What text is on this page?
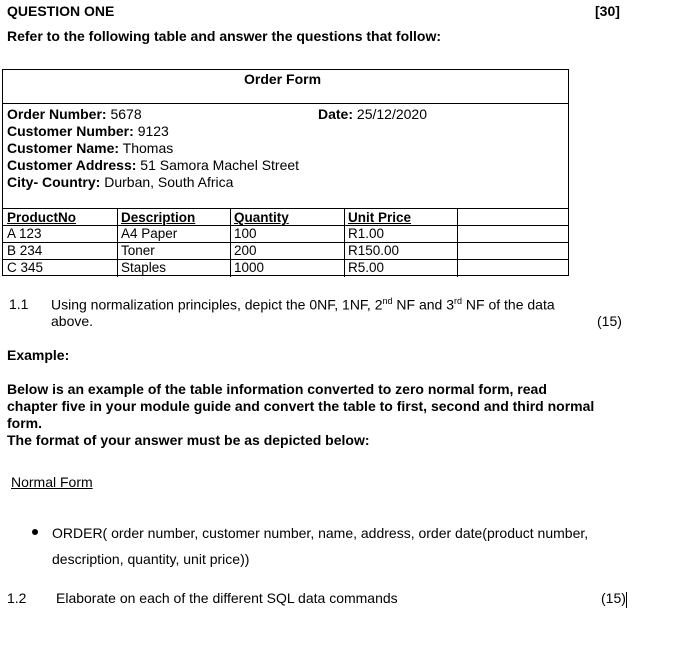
QUESTION ONE	[30]
Refer to the following table and answer the questions that follow:
Order Form
Order Number: 5678	Date: 25/12/2020
Customer Number: 9123
Customer Name: Thomas
Customer Address: 51 Samora Machel Street
City- Country: Durban, South Africa
ProductNo	Description	Quantity	Unit Price
A 123	A4 Paper	100	R1.00
B 234	Toner	200	R150.00
C 345	Staples	1000	R5.00
1.1 Using normalization principles, depict the 0NF, 1NF, 2nd NF and 3rd NF of the data
above.	(15)
Example:
Below is an example of the table information converted to zero normal form, read
chapter five in your module guide and convert the table to first, second and third normal
form.
The format of your answer must be as depicted below:
Normal Form
ORDER( order number, customer number, name, address, order date(product number,
description, quantity, unit price))
1.2 Elaborate on each of the different SQL data commands	(15)
